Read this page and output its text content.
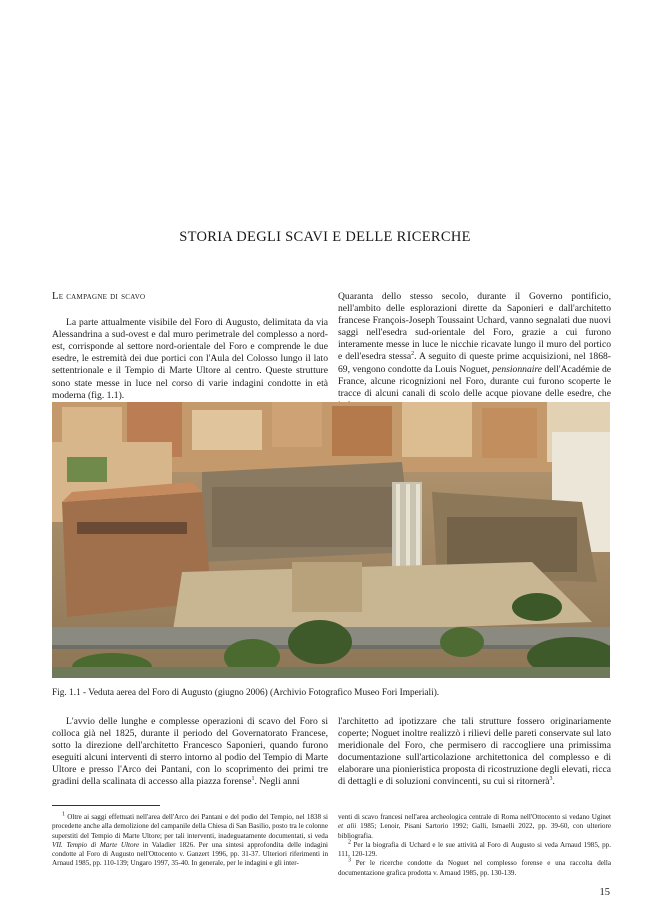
STORIA DEGLI SCAVI E DELLE RICERCHE
Le campagne di scavo

La parte attualmente visibile del Foro di Augusto, delimitata da via Alessandrina a sud-ovest e dal muro perimetrale del complesso a nord-est, corrisponde al settore nord-orientale del Foro e comprende le due esedre, le estremità dei due portici con l'Aula del Colosso lungo il lato settentrionale e il Tempio di Marte Ultore al centro. Queste strutture sono state messe in luce nel corso di varie indagini condotte in età moderna (fig. 1.1).

Quaranta dello stesso secolo, durante il Governo pontificio, nell'ambito delle esplorazioni dirette da Saponieri e dall'architetto francese François-Joseph Toussaint Uchard, vanno segnalati due nuovi saggi nell'esedra sud-orientale del Foro, grazie a cui furono interamente messe in luce le nicchie ricavate lungo il muro del portico e dell'esedra stessa$^2$. A seguito di queste prime acquisizioni, nel 1868-69, vengono condotte da Louis Noguet, pensionnaire dell'Académie de France, alcune ricognizioni nel Foro, durante cui furono scoperte le tracce di alcuni canali di scolo delle acque piovane delle esedre, che

Fig. 1.1 - Veduta aerea del Foro di Augusto (giugno 2006) (Archivio Fotografico Museo Fori Imperiali).

L'avvio delle lunghe e complesse operazioni di scavo del Foro si colloca già nel 1825, durante il periodo del Governatorato Francese, sotto la direzione dell'architetto Francesco Saponieri, quando furono eseguiti alcuni interventi di sterro intorno al podio del Tempio di Marte Ultore e presso l'Arco dei Pantani, con lo scoprimento dei primi tre gradini della scalinata di accesso alla piazza forense$^1$. Negli anni

l'architetto ad ipotizzare che tali strutture fossero originariamente coperte; Noguet inoltre realizzò i rilievi delle pareti conservate sul lato meridionale del Foro, che permisero di raccogliere una primissima documentazione sull'articolazione architettonica del complesso e di elaborare una pionieristica proposta di ricostruzione degli elevati, ricca di dettagli e di soluzioni convincenti, su cui si ritornerà$^3$.

$^1$ Oltre ai saggi effettuati nell'area dell'Arco dei Pantani e del podio del Tempio, nel 1838 si procedette anche alla demolizione del campanile della Chiesa di San Basilio, posto tra le colonne superstiti del Tempio di Marte Ultore; per tali interventi, inadeguatamente documentati, si veda VII. Tempio di Marte Ultore in Valadier 1826. Per una sintesi approfondita delle indagini condotte al Foro di Augusto nell'Ottocento v. Ganzert 1996, pp. 31-37. Ulteriori riferimenti in Arnaud 1985, pp. 110-139; Ungaro 1997, 35-40. In generale, per le indagini e gli inter-

venti di scavo francesi nell'area archeologica centrale di Roma nell'Ottocento si vedano Uginet et alii 1985; Lenoir, Pisani Sartorio 1992; Galli, Ismaelli 2022, pp. 39-60, con ulteriore bibliografia.

$^2$ Per la biografia di Uchard e le sue attività al Foro di Augusto si veda Arnaud 1985, pp. 111, 120-129.

$^3$ Per le ricerche condotte da Noguet nel complesso forense e una raccolta della documentazione grafica prodotta v. Arnaud 1985, pp. 130-139.

15
